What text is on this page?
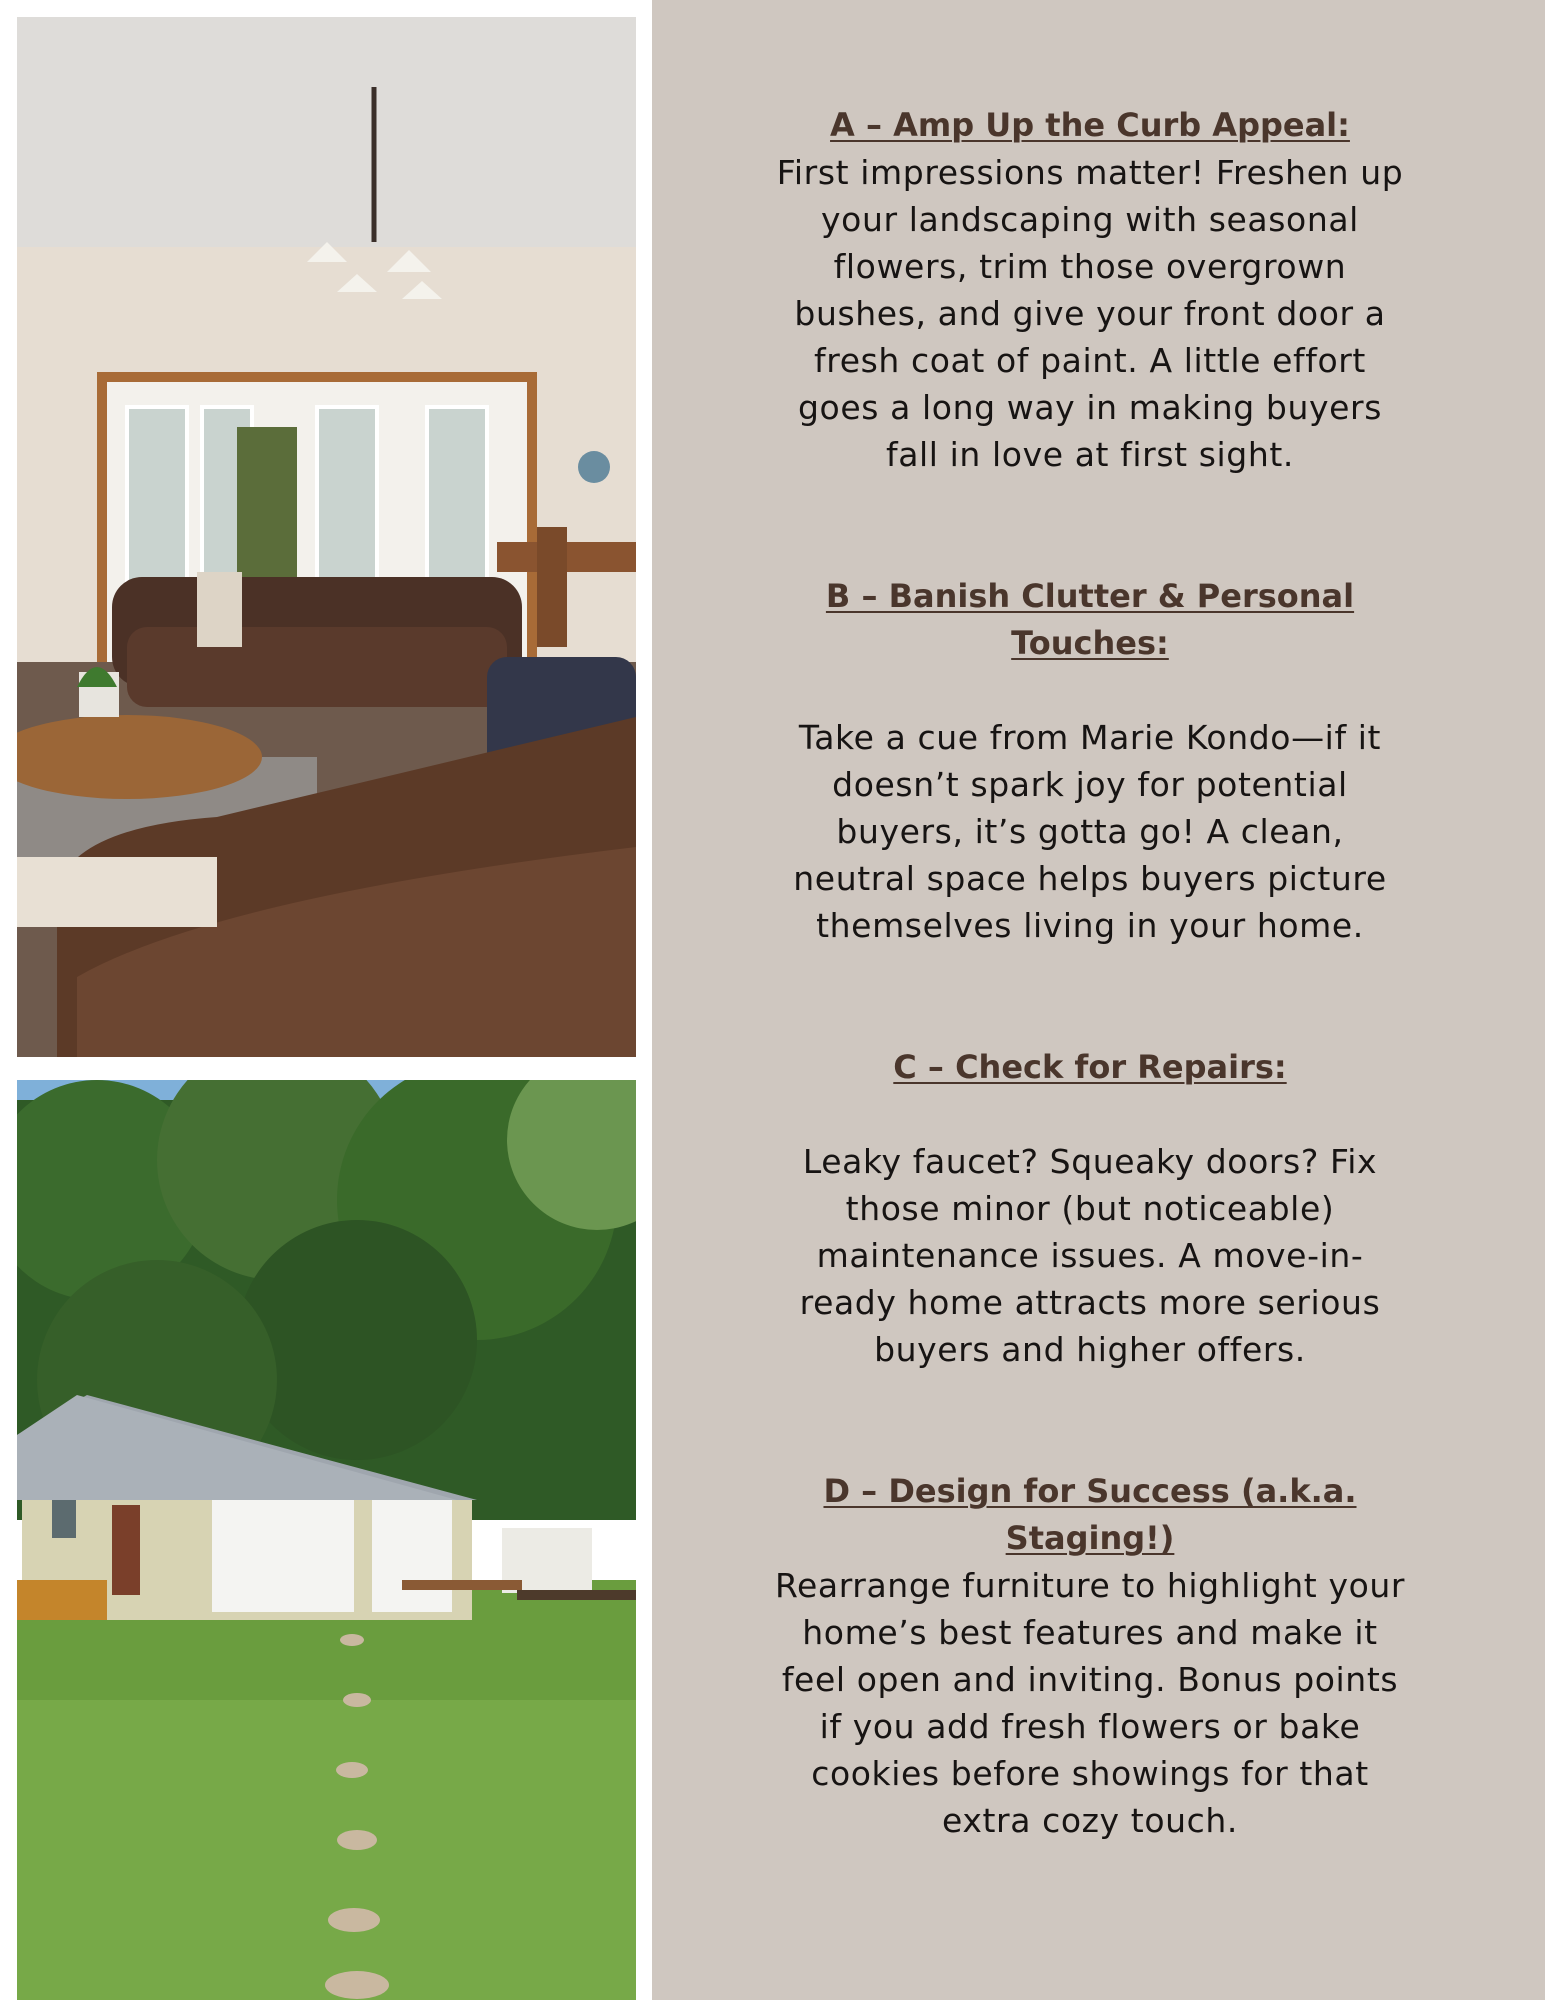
A – Amp Up the Curb Appeal:
First impressions matter! Freshen up your landscaping with seasonal flowers, trim those overgrown bushes, and give your front door a fresh coat of paint. A little effort goes a long way in making buyers fall in love at first sight.
B – Banish Clutter & Personal Touches:
Take a cue from Marie Kondo—if it doesn’t spark joy for potential buyers, it’s gotta go! A clean, neutral space helps buyers picture themselves living in your home.
C – Check for Repairs:
Leaky faucet? Squeaky doors? Fix those minor (but noticeable) maintenance issues. A move-in-ready home attracts more serious buyers and higher offers.
D – Design for Success (a.k.a. Staging!)
Rearrange furniture to highlight your home’s best features and make it feel open and inviting. Bonus points if you add fresh flowers or bake cookies before showings for that extra cozy touch.
